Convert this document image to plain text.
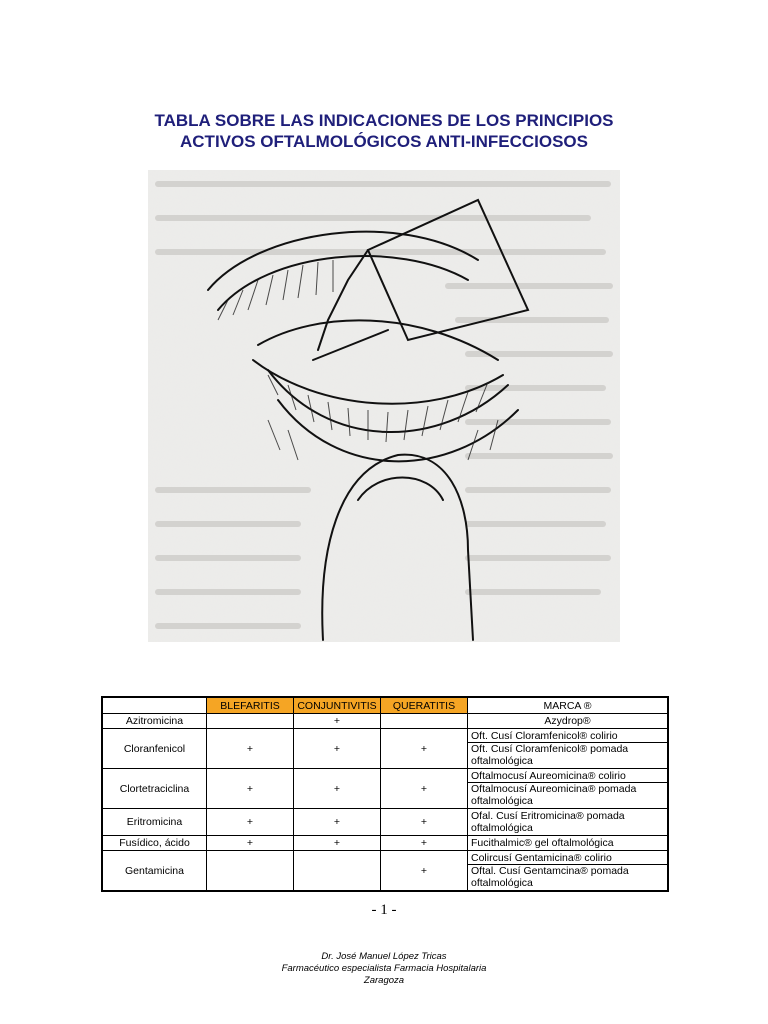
TABLA SOBRE LAS INDICACIONES DE LOS PRINCIPIOS
ACTIVOS OFTALMOLÓGICOS ANTI-INFECCIOSOS
	BLEFARITIS	CONJUNTIVITIS	QUERATITIS	MARCA ®
Azitromicina		+		Azydrop®

Cloranfenicol	+	+	+	Oft. Cusí Cloramfenicol® colirio
Oft. Cusí Cloramfenicol® pomada oftalmológica

Clortetraciclina	+	+	+	Oftalmocusí Aureomicina® colirio
Oftalmocusí Aureomicina® pomada oftalmológica

Eritromicina	+	+	+	Ofal. Cusí Eritromicina® pomada oftalmológica

Fusídico, ácido	+	+	+	Fucithalmic® gel oftalmológica

Gentamicina			+	Colircusí Gentamicina® colirio
Oftal. Cusí Gentamcina® pomada oftalmológica
- 1 -
Dr. José Manuel López Tricas
Farmacéutico especialista Farmacia Hospitalaria
Zaragoza
